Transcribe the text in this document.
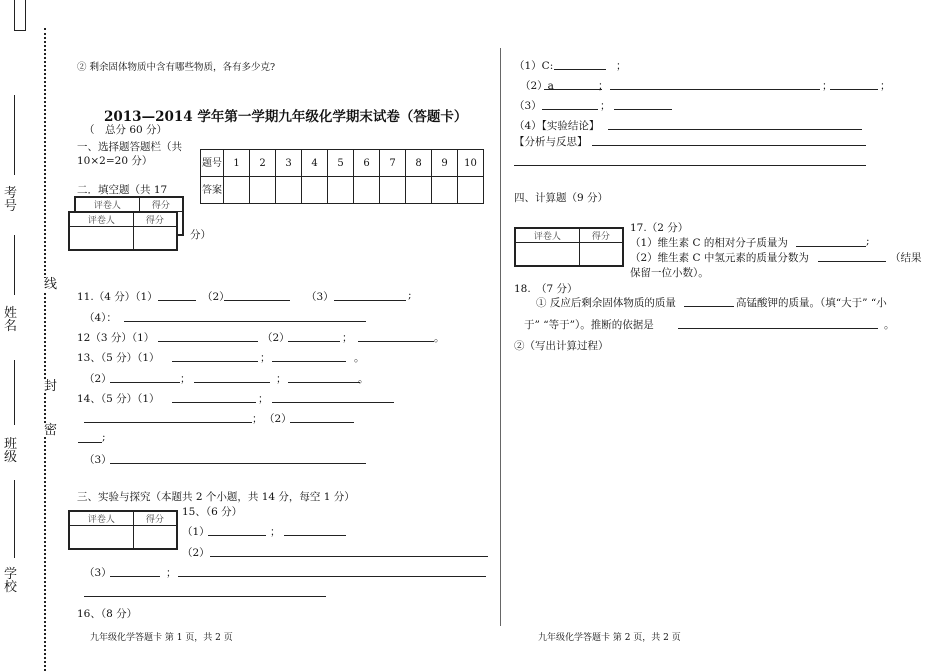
考号
姓名
班级
学校
线
封
密
② 剩余固体物质中含有哪些物质，各有多少克?
2013—2014 学年第一学期九年级化学期末试卷（答题卡）
（　总分 60 分）
一、选择题答题栏（共
10×2=20 分）	题号	1	2	3	4	5	6	7	8	9	10
答案										
二．填空题（共 17
评卷人	得分

评卷人	得分

分）
11.（4 分）（1）	（2）	（3）	;
（4）：
12（3 分）（1）	（2）	；	。
13、（5 分）（1）	；	。
（2）	；	；	。
14、（5 分）（1）	；
； （2）
;
（3）
三、实验与探究（本题共 2 个小题，共 14 分，每空 1 分）
评卷人	得分

15、（6 分）
（1）	；
（2）
（3）	；
16、（8 分）
九年级化学答题卡 第 1 页，共 2 页
（1）C:	；
（2）a	；	；	；
（3）	；
（4）【实验结论】
【分析与反思】
四、计算题（9 分）
评卷人	得分

17.（2 分）
（1）维生素 C 的相对分子质量为	;
（2）维生素 C 中氢元素的质量分数为	（结果
保留一位小数）。
18.　（7 分）
① 反应后剩余固体物质的质量	高锰酸钾的质量。（填“大于” “小
于” “等于”）。推断的依据是	。
②（写出计算过程）
九年级化学答题卡 第 2 页，共 2 页
